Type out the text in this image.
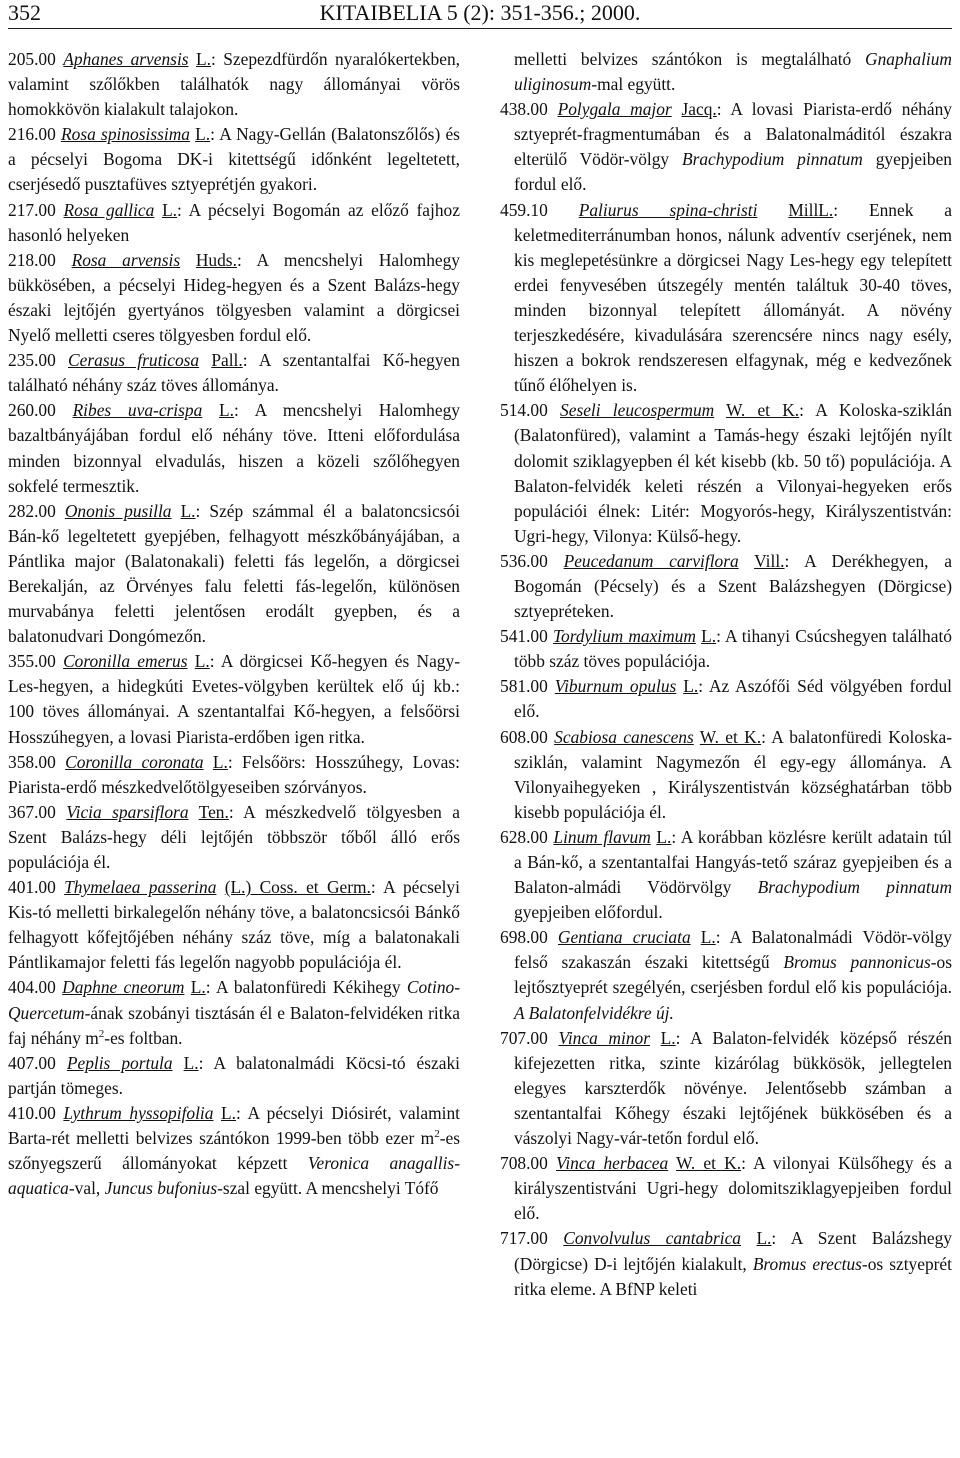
352	KITAIBELIA 5 (2): 351-356.; 2000.
205.00 Aphanes arvensis L.: Szepezdfürdőn nyaralókertekben, valamint szőlőkben találhatók nagy állományai vörös homokkövön kialakult talajokon.
216.00 Rosa spinosissima L.: A Nagy-Gellán (Balatonszőlős) és a pécselyi Bogoma DK-i kitettségű időnként legeltetett, cserjésedő pusztafüves sztyeprétjén gyakori.
217.00 Rosa gallica L.: A pécselyi Bogomán az előző fajhoz hasonló helyeken
218.00 Rosa arvensis Huds.: A mencshelyi Halomhegy bükkösében, a pécselyi Hideg-hegyen és a Szent Balázs-hegy északi lejtőjén gyertyános tölgyesben valamint a dörgicsei Nyelő melletti cseres tölgyesben fordul elő.
235.00 Cerasus fruticosa Pall.: A szentantalfai Kő-hegyen található néhány száz töves állománya.
260.00 Ribes uva-crispa L.: A mencshelyi Halomhegy bazaltbányájában fordul elő néhány töve. Itteni előfordulása minden bizonnyal elvadulás, hiszen a közeli szőlőhegyen sokfelé termesztik.
282.00 Ononis pusilla L.: Szép számmal él a balatoncsicsói Bán-kő legeltetett gyepjében, felhagyott mészkőbányájában, a Pántlika major (Balatonakali) feletti fás legelőn, a dörgicsei Berekalján, az Örvényes falu feletti fás-legelőn, különösen murvabánya feletti jelentősen erodált gyepben, és a balatonudvari Dongómezőn.
355.00 Coronilla emerus L.: A dörgicsei Kő-hegyen és Nagy-Les-hegyen, a hidegkúti Evetes-völgyben kerültek elő új kb.: 100 töves állományai. A szentantalfai Kő-hegyen, a felsőörsi Hosszúhegyen, a lovasi Piarista-erdőben igen ritka.
358.00 Coronilla coronata L.: Felsőörs: Hosszúhegy, Lovas: Piarista-erdő mészkedvelőtölgyeseiben szórványos.
367.00 Vicia sparsiflora Ten.: A mészkedvelő tölgyesben a Szent Balázs-hegy déli lejtőjén többször tőből álló erős populációja él.
401.00 Thymelaea passerina (L.) Coss. et Germ.: A pécselyi Kis-tó melletti birkalegelőn néhány töve, a balatoncsicsói Bánkő felhagyott kőfejtőjében néhány száz töve, míg a balatonakali Pántlikamajor feletti fás legelőn nagyobb populációja él.
404.00 Daphne cneorum L.: A balatonfüredi Kékihegy Cotino-Quercetum-ának szobányi tisztásán él e Balaton-felvidéken ritka faj néhány $m^2-es$ foltban.
407.00 Peplis portula L.: A balatonalmádi Köcsi-tó északi partján tömeges.
410.00 Lythrum hyssopifolia L.: A pécselyi Diósirét, valamint Barta-rét melletti belvizes szántókon 1999-ben több ezer $m^2-es$ szőnyegszerű állományokat képzett Veronica anagallis-aquatica-val, Juncus bufonius-szal együtt. A mencshelyi Tófő
melletti belvizes szántókon is megtalálható Gnaphalium uliginosum-mal együtt.
438.00 Polygala major Jacq.: A lovasi Piarista-erdő néhány sztyeprét-fragmentumában és a Balatonalmáditól északra elterülő Vödör-völgy Brachypodium pinnatum gyepjeiben fordul elő.
459.10 Paliurus spina-christi MillL.: Ennek a keletmediterránumban honos, nálunk adventív cserjének, nem kis meglepetésünkre a dörgicsei Nagy Les-hegy egy telepített erdei fenyvesében útszegély mentén találtuk 30-40 töves, minden bizonnyal telepített állományát. A növény terjeszkedésére, kivadulására szerencsére nincs nagy esély, hiszen a bokrok rendszeresen elfagynak, még e kedvezőnek tűnő élőhelyen is.
514.00 Seseli leucospermum W. et K.: A Koloska-sziklán (Balatonfüred), valamint a Tamás-hegy északi lejtőjén nyílt dolomit sziklagyepben él két kisebb (kb. 50 tő) populációja. A Balaton-felvidék keleti részén a Vilonyai-hegyeken erős populációi élnek: Litér: Mogyorós-hegy, Királyszentistván: Ugri-hegy, Vilonya: Külső-hegy.
536.00 Peucedanum carviflora Vill.: A Derékhegyen, a Bogomán (Pécsely) és a Szent Balázshegyen (Dörgicse) sztyepréteken.
541.00 Tordylium maximum L.: A tihanyi Csúcshegyen található több száz töves populációja.
581.00 Viburnum opulus L.: Az Aszófői Séd völgyében fordul elő.
608.00 Scabiosa canescens W. et K.: A balatonfüredi Koloska-sziklán, valamint Nagymezőn él egy-egy állománya. A Vilonyaihegyeken , Királyszentistván községhatárban több kisebb populációja él.
628.00 Linum flavum L.: A korábban közlésre került adatain túl a Bán-kő, a szentantalfai Hangyás-tető száraz gyepjeiben és a Balaton-almádi Vödörvölgy Brachypodium pinnatum gyepjeiben előfordul.
698.00 Gentiana cruciata L.: A Balatonalmádi Vödör-völgy felső szakaszán északi kitettségű Bromus pannonicus-os lejtősztyeprét szegélyén, cserjésben fordul elő kis populációja. A Balatonfelvidékre új.
707.00 Vinca minor L.: A Balaton-felvidék középső részén kifejezetten ritka, szinte kizárólag bükkösök, jellegtelen elegyes karszterdők növénye. Jelentősebb számban a szentantalfai Kőhegy északi lejtőjének bükkösében és a vászolyi Nagy-vár-tetőn fordul elő.
708.00 Vinca herbacea W. et K.: A vilonyai Külsőhegy és a királyszentistváni Ugri-hegy dolomitsziklagyepjeiben fordul elő.
717.00 Convolvulus cantabrica L.: A Szent Balázshegy (Dörgicse) D-i lejtőjén kialakult, Bromus erectus-os sztyeprét ritka eleme. A BfNP keleti
